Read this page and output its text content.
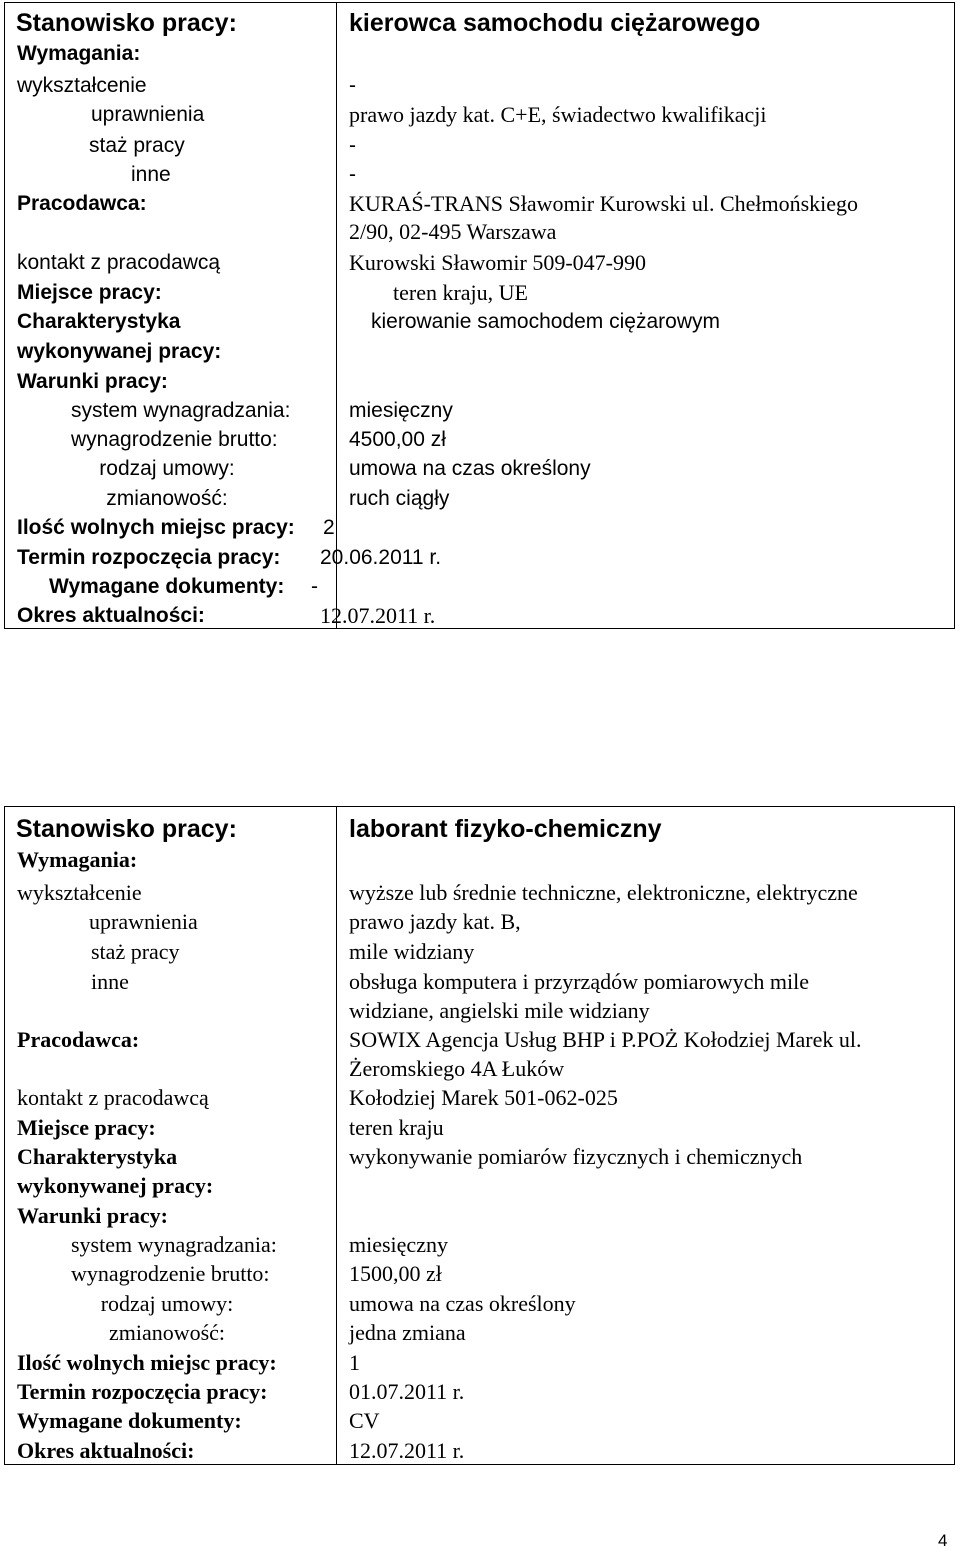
Stanowisko pracy:	kierowca samochodu ciężarowego
Wymagania:
wykształcenie	-
uprawnienia	prawo jazdy kat. C+E, świadectwo kwalifikacji
staż pracy	-
inne	-
Pracodawca:	KURAŚ-TRANS Sławomir Kurowski ul. Chełmońskiego
2/90, 02-495 Warszawa
kontakt z pracodawcą	Kurowski Sławomir 509-047-990
Miejsce pracy:	teren kraju, UE
Charakterystyka
wykonywanej pracy:
kierowanie samochodem ciężarowym
Warunki pracy:
system wynagradzania:	miesięczny
wynagrodzenie brutto:	4500,00 zł
rodzaj umowy:	umowa na czas określony
zmianowość:	ruch ciągły
Ilość wolnych miejsc pracy: 2
Termin rozpoczęcia pracy: 20.06.2011 r.
Wymagane dokumenty: -
Okres aktualności:	12.07.2011 r.
Stanowisko pracy:	laborant fizyko-chemiczny
Wymagania:
wykształcenie	wyższe lub średnie techniczne, elektroniczne, elektryczne
uprawnienia	prawo jazdy kat. B,
staż pracy	mile widziany
inne	obsługa komputera i przyrządów pomiarowych mile
widziane, angielski mile widziany
Pracodawca:	SOWIX Agencja Usług BHP i P.POŻ Kołodziej Marek ul.
Żeromskiego 4A Łuków
kontakt z pracodawcą	Kołodziej Marek 501-062-025
Miejsce pracy:	teren kraju
Charakterystyka
wykonywanej pracy:
wykonywanie pomiarów fizycznych i chemicznych
Warunki pracy:
system wynagradzania:	miesięczny
wynagrodzenie brutto:	1500,00 zł
rodzaj umowy:	umowa na czas określony
zmianowość:	jedna zmiana
Ilość wolnych miejsc pracy:	1
Termin rozpoczęcia pracy:	01.07.2011 r.
Wymagane dokumenty:	CV
Okres aktualności:	12.07.2011 r.
4
